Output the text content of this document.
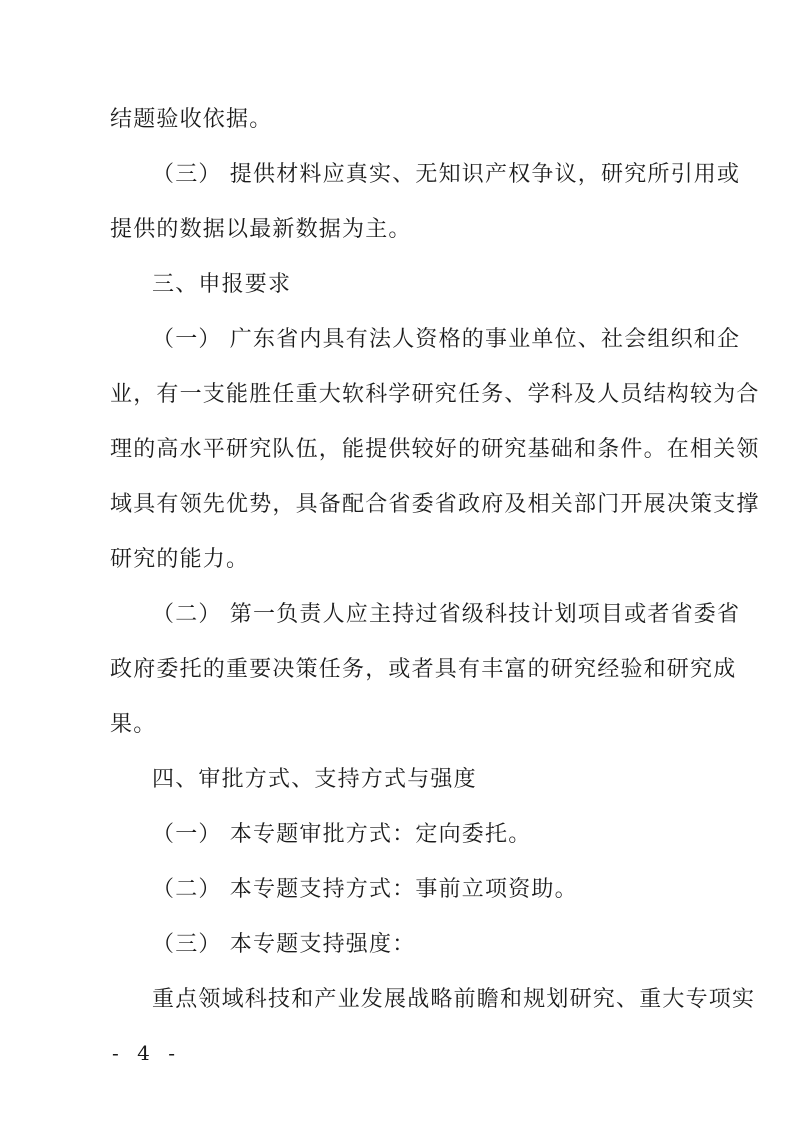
结题验收依据。
（三） 提供材料应真实、无知识产权争议，研究所引用或
提供的数据以最新数据为主。
三、申报要求
（一） 广东省内具有法人资格的事业单位、社会组织和企
业，有一支能胜任重大软科学研究任务、学科及人员结构较为合
理的高水平研究队伍，能提供较好的研究基础和条件。在相关领
域具有领先优势，具备配合省委省政府及相关部门开展决策支撑
研究的能力。
（二） 第一负责人应主持过省级科技计划项目或者省委省
政府委托的重要决策任务，或者具有丰富的研究经验和研究成
果。
四、审批方式、支持方式与强度
（一） 本专题审批方式：定向委托。
（二） 本专题支持方式：事前立项资助。
（三） 本专题支持强度：
重点领域科技和产业发展战略前瞻和规划研究、重大专项实
- 4 -
